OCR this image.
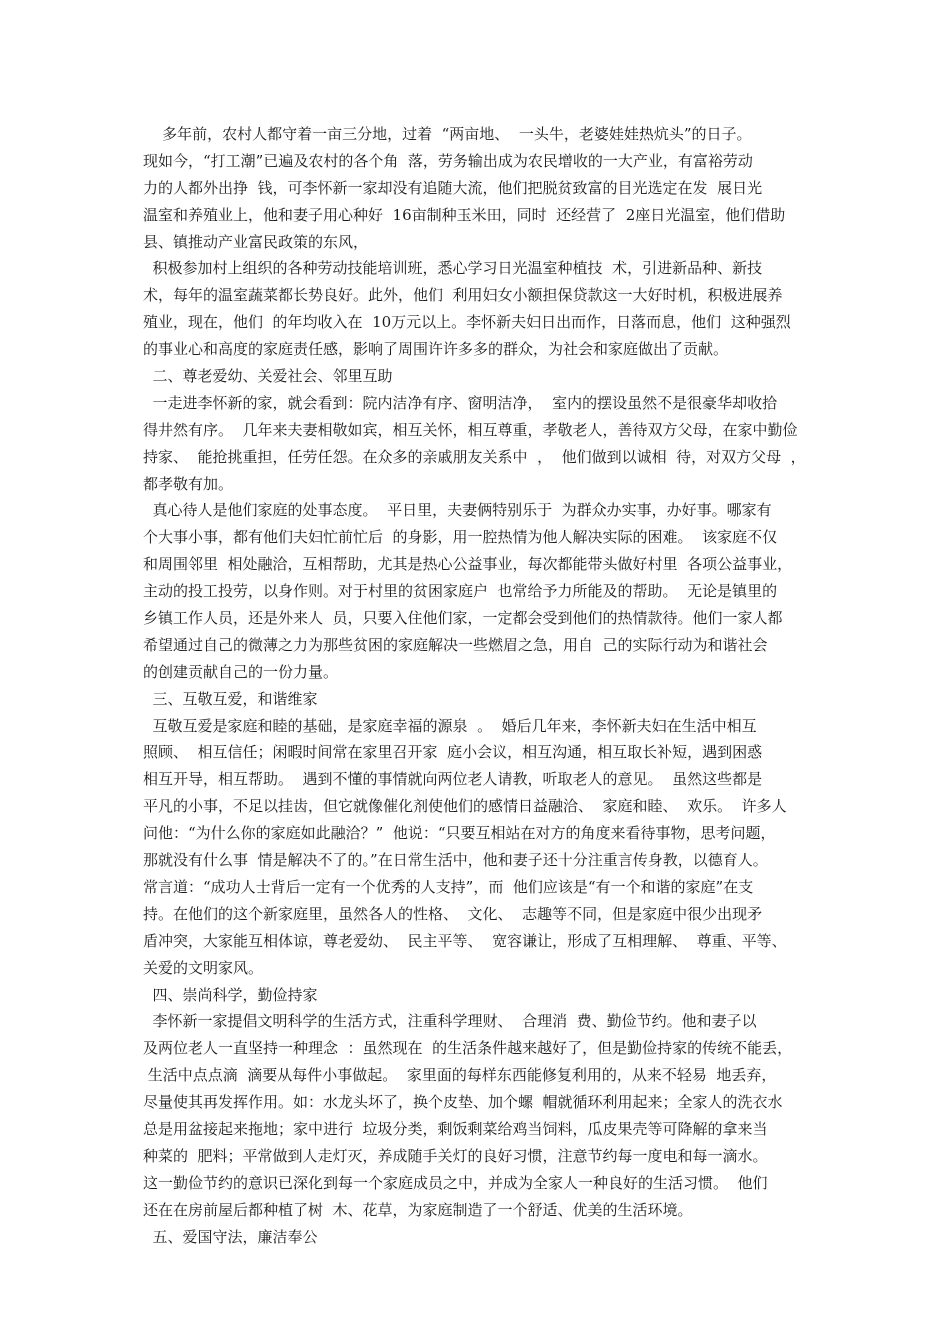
多年前，农村人都守着一亩三分地，过着  “两亩地、  一头牛，老婆娃娃热炕头”的日子。
现如今，“打工潮”已遍及农村的各个角  落，劳务输出成为农民增收的一大产业，有富裕劳动
力的人都外出挣  钱，可李怀新一家却没有追随大流，他们把脱贫致富的目光选定在发  展日光
温室和养殖业上，他和妻子用心种好  16亩制种玉米田，同时  还经营了  2座日光温室，他们借助
县、镇推动产业富民政策的东风，
积极参加村上组织的各种劳动技能培训班，悉心学习日光温室种植技  术，引进新品种、新技
术，每年的温室蔬菜都长势良好。此外，他们  利用妇女小额担保贷款这一大好时机，积极进展养
殖业，现在，他们  的年均收入在  10万元以上。李怀新夫妇日出而作，日落而息，他们  这种强烈
的事业心和高度的家庭责任感，影响了周围许许多多的群众，为社会和家庭做出了贡献。
二、尊老爱幼、关爱社会、邻里互助
一走进李怀新的家，就会看到：院内洁净有序、窗明洁净，  室内的摆设虽然不是很豪华却收拾
得井然有序。  几年来夫妻相敬如宾，相互关怀，相互尊重，孝敬老人，善待双方父母，在家中勤俭
持家、  能抢挑重担，任劳任怨。在众多的亲戚朋友关系中  ，  他们做到以诚相  待，对双方父母  ，
都孝敬有加。
真心待人是他们家庭的处事态度。  平日里，夫妻俩特别乐于  为群众办实事，办好事。哪家有
个大事小事，都有他们夫妇忙前忙后  的身影，用一腔热情为他人解决实际的困难。  该家庭不仅
和周围邻里  相处融洽，互相帮助，尤其是热心公益事业，每次都能带头做好村里  各项公益事业，
主动的投工投劳，以身作则。对于村里的贫困家庭户  也常给予力所能及的帮助。  无论是镇里的
乡镇工作人员，还是外来人  员，只要入住他们家，一定都会受到他们的热情款待。他们一家人都
希望通过自己的微薄之力为那些贫困的家庭解决一些燃眉之急，用自  己的实际行动为和谐社会
的创建贡献自己的一份力量。
三、互敬互爱，和谐维家
互敬互爱是家庭和睦的基础，是家庭幸福的源泉  。  婚后几年来，李怀新夫妇在生活中相互
照顾、  相互信任；闲暇时间常在家里召开家  庭小会议，相互沟通，相互取长补短，遇到困惑
相互开导，相互帮助。  遇到不懂的事情就向两位老人请教，听取老人的意见。  虽然这些都是
平凡的小事，不足以挂齿，但它就像催化剂使他们的感情日益融洽、  家庭和睦、  欢乐。  许多人
问他：“为什么你的家庭如此融洽？”  他说：“只要互相站在对方的角度来看待事物，思考问题，
那就没有什么事  情是解决不了的。”在日常生活中，他和妻子还十分注重言传身教，以德育人。
常言道：“成功人士背后一定有一个优秀的人支持”，而  他们应该是“有一个和谐的家庭”在支
持。在他们的这个新家庭里，虽然各人的性格、  文化、  志趣等不同，但是家庭中很少出现矛
盾冲突，大家能互相体谅，尊老爱幼、  民主平等、  宽容谦让，形成了互相理解、  尊重、平等、
关爱的文明家风。
四、崇尚科学，勤俭持家
李怀新一家提倡文明科学的生活方式，注重科学理财、  合理消  费、勤俭节约。他和妻子以
及两位老人一直坚持一种理念  ：虽然现在  的生活条件越来越好了，但是勤俭持家的传统不能丢，
生活中点点滴  滴要从每件小事做起。  家里面的每样东西能修复利用的，从来不轻易  地丢弃，
尽量使其再发挥作用。如：水龙头坏了，换个皮垫、加个螺  帽就循环利用起来；全家人的洗衣水
总是用盆接起来拖地；家中进行  垃圾分类，剩饭剩菜给鸡当饲料，瓜皮果壳等可降解的拿来当
种菜的  肥料；平常做到人走灯灭，养成随手关灯的良好习惯，注意节约每一度电和每一滴水。
这一勤俭节约的意识已深化到每一个家庭成员之中，并成为全家人一种良好的生活习惯。  他们
还在在房前屋后都种植了树  木、花草，为家庭制造了一个舒适、优美的生活环境。
五、爱国守法，廉洁奉公
